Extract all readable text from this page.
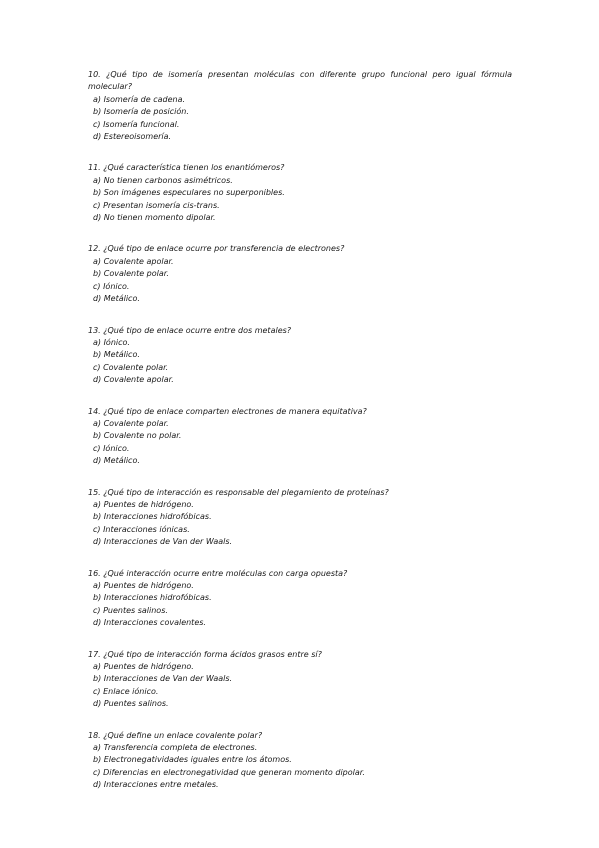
10. ¿Qué tipo de isomería presentan moléculas con diferente grupo funcional pero igual fórmula molecular?

a) Isomería de cadena.
b) Isomería de posición.
c) Isomería funcional.
d) Estereoisomería.

11. ¿Qué característica tienen los enantiómeros?

a) No tienen carbonos asimétricos.
b) Son imágenes especulares no superponibles.
c) Presentan isomería cis-trans.
d) No tienen momento dipolar.

12. ¿Qué tipo de enlace ocurre por transferencia de electrones?

a) Covalente apolar.
b) Covalente polar.
c) Iónico.
d) Metálico.

13. ¿Qué tipo de enlace ocurre entre dos metales?

a) Iónico.
b) Metálico.
c) Covalente polar.
d) Covalente apolar.

14. ¿Qué tipo de enlace comparten electrones de manera equitativa?

a) Covalente polar.
b) Covalente no polar.
c) Iónico.
d) Metálico.

15. ¿Qué tipo de interacción es responsable del plegamiento de proteínas?

a) Puentes de hidrógeno.
b) Interacciones hidrofóbicas.
c) Interacciones iónicas.
d) Interacciones de Van der Waals.

16. ¿Qué interacción ocurre entre moléculas con carga opuesta?

a) Puentes de hidrógeno.
b) Interacciones hidrofóbicas.
c) Puentes salinos.
d) Interacciones covalentes.

17. ¿Qué tipo de interacción forma ácidos grasos entre sí?

a) Puentes de hidrógeno.
b) Interacciones de Van der Waals.
c) Enlace iónico.
d) Puentes salinos.

18. ¿Qué define un enlace covalente polar?

a) Transferencia completa de electrones.
b) Electronegatividades iguales entre los átomos.
c) Diferencias en electronegatividad que generan momento dipolar.
d) Interacciones entre metales.
